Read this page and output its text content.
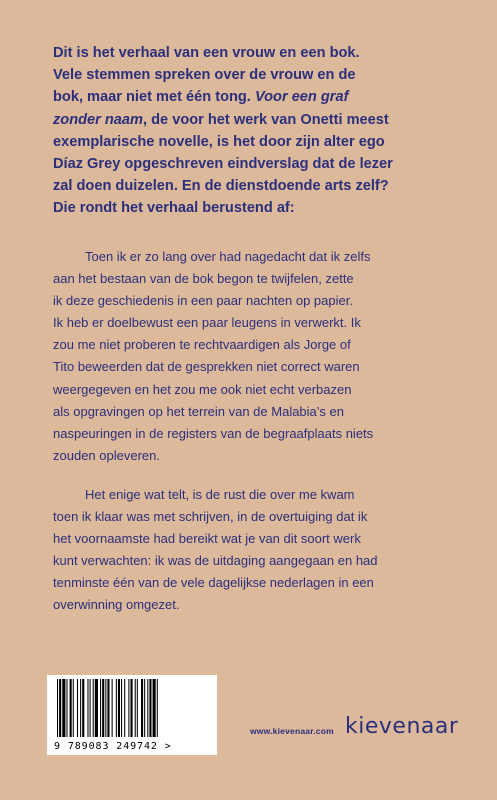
Dit is het verhaal van een vrouw en een bok.
Vele stemmen spreken over de vrouw en de
bok, maar niet met één tong. Voor een graf
zonder naam, de voor het werk van Onetti meest
exemplarische novelle, is het door zijn alter ego
Díaz Grey opgeschreven eindverslag dat de lezer
zal doen duizelen. En de dienstdoende arts zelf?
Die rondt het verhaal berustend af:
Toen ik er zo lang over had nagedacht dat ik zelfs
aan het bestaan van de bok begon te twijfelen, zette
ik deze geschiedenis in een paar nachten op papier.
Ik heb er doelbewust een paar leugens in verwerkt. Ik
zou me niet proberen te rechtvaardigen als Jorge of
Tito beweerden dat de gesprekken niet correct waren
weergegeven en het zou me ook niet echt verbazen
als opgravingen op het terrein van de Malabia’s en
naspeuringen in de registers van de begraafplaats niets
zouden opleveren.
Het enige wat telt, is de rust die over me kwam
toen ik klaar was met schrijven, in de overtuiging dat ik
het voornaamste had bereikt wat je van dit soort werk
kunt verwachten: ik was de uitdaging aangegaan en had
tenminste één van de vele dagelijkse nederlagen in een
overwinning omgezet.
9 789083 249742 >
www.kievenaar.com kievenaar
